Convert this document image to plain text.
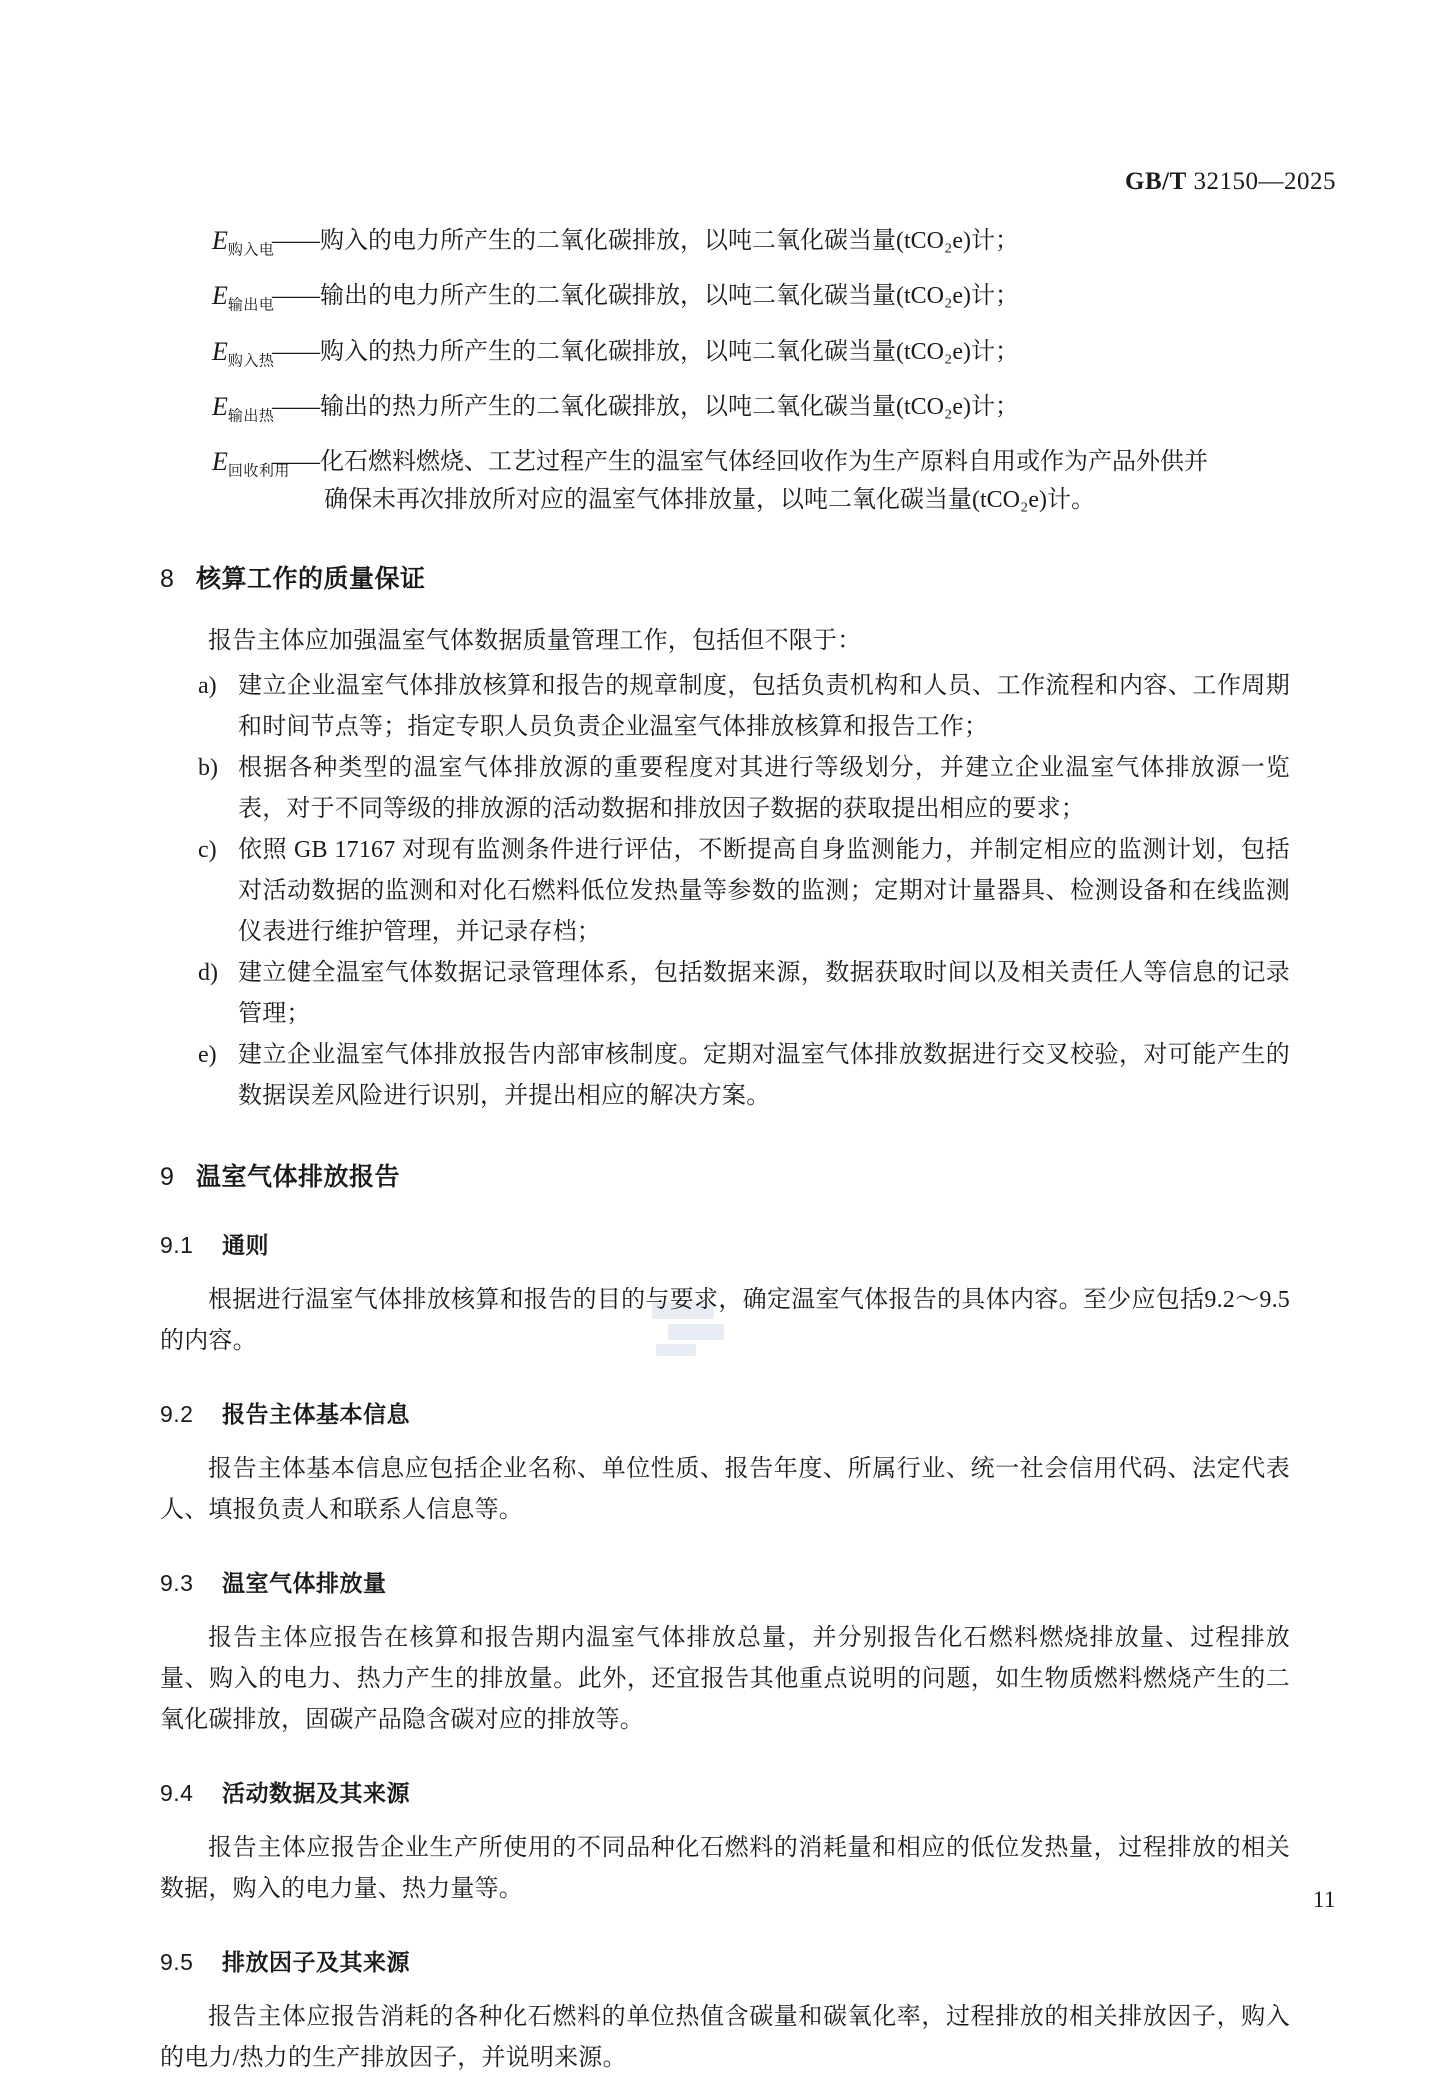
GB/T 32150—2025
$E_{购入电}$
——购入的电力所产生的二氧化碳排放，以吨二氧化碳当量(tCO₂e)计；
$E_{输出电}$
——输出的电力所产生的二氧化碳排放，以吨二氧化碳当量(tCO₂e)计；
$E_{购入热}$
——购入的热力所产生的二氧化碳排放，以吨二氧化碳当量(tCO₂e)计；
$E_{输出热}$
——输出的热力所产生的二氧化碳排放，以吨二氧化碳当量(tCO₂e)计；
$E_{回收利用}$
——化石燃料燃烧、工艺过程产生的温室气体经回收作为生产原料自用或作为产品外供并
确保未再次排放所对应的温室气体排放量，以吨二氧化碳当量(tCO₂e)计。
8 核算工作的质量保证

报告主体应加强温室气体数据质量管理工作，包括但不限于：

a) 建立企业温室气体排放核算和报告的规章制度，包括负责机构和人员、工作流程和内容、工作周期和时间节点等；指定专职人员负责企业温室气体排放核算和报告工作；
b) 根据各种类型的温室气体排放源的重要程度对其进行等级划分，并建立企业温室气体排放源一览表，对于不同等级的排放源的活动数据和排放因子数据的获取提出相应的要求；
c) 依照 GB 17167 对现有监测条件进行评估，不断提高自身监测能力，并制定相应的监测计划，包括对活动数据的监测和对化石燃料低位发热量等参数的监测；定期对计量器具、检测设备和在线监测仪表进行维护管理，并记录存档；
d) 建立健全温室气体数据记录管理体系，包括数据来源，数据获取时间以及相关责任人等信息的记录管理；
e) 建立企业温室气体排放报告内部审核制度。定期对温室气体排放数据进行交叉校验，对可能产生的数据误差风险进行识别，并提出相应的解决方案。
9 温室气体排放报告
9.1 通则

根据进行温室气体排放核算和报告的目的与要求，确定温室气体报告的具体内容。至少应包括9.2～9.5 的内容。

9.2 报告主体基本信息

报告主体基本信息应包括企业名称、单位性质、报告年度、所属行业、统一社会信用代码、法定代表人、填报负责人和联系人信息等。

9.3 温室气体排放量

报告主体应报告在核算和报告期内温室气体排放总量，并分别报告化石燃料燃烧排放量、过程排放量、购入的电力、热力产生的排放量。此外，还宜报告其他重点说明的问题，如生物质燃料燃烧产生的二氧化碳排放，固碳产品隐含碳对应的排放等。

9.4 活动数据及其来源

报告主体应报告企业生产所使用的不同品种化石燃料的消耗量和相应的低位发热量，过程排放的相关数据，购入的电力量、热力量等。

9.5 排放因子及其来源

报告主体应报告消耗的各种化石燃料的单位热值含碳量和碳氧化率，过程排放的相关排放因子，购入的电力/热力的生产排放因子，并说明来源。

11
